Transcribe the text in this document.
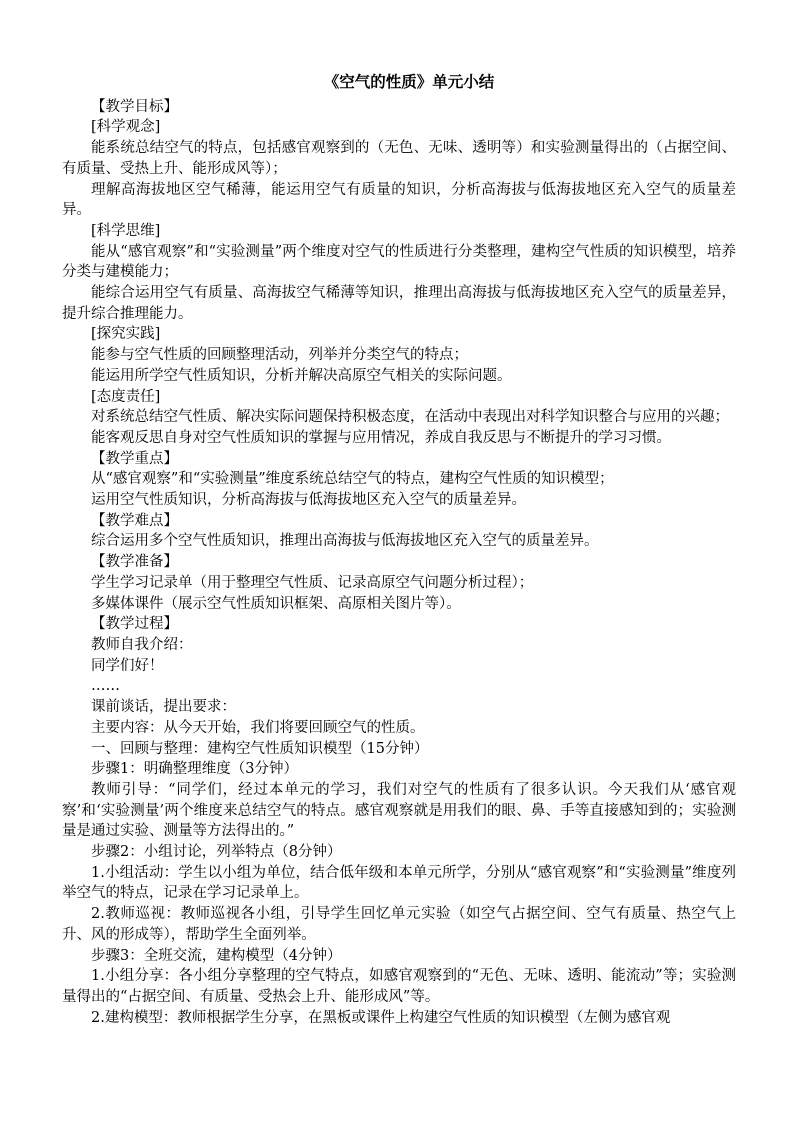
《空气的性质》单元小结

【教学目标】

[科学观念]

能系统总结空气的特点，包括感官观察到的（无色、无味、透明等）和实验测量得出的（占据空间、有质量、受热上升、能形成风等）；

理解高海拔地区空气稀薄，能运用空气有质量的知识，分析高海拔与低海拔地区充入空气的质量差异。

[科学思维]

能从“感官观察”和“实验测量”两个维度对空气的性质进行分类整理，建构空气性质的知识模型，培养分类与建模能力；

能综合运用空气有质量、高海拔空气稀薄等知识，推理出高海拔与低海拔地区充入空气的质量差异，提升综合推理能力。

[探究实践]

能参与空气性质的回顾整理活动，列举并分类空气的特点；

能运用所学空气性质知识，分析并解决高原空气相关的实际问题。

[态度责任]

对系统总结空气性质、解决实际问题保持积极态度，在活动中表现出对科学知识整合与应用的兴趣；

能客观反思自身对空气性质知识的掌握与应用情况，养成自我反思与不断提升的学习习惯。

【教学重点】

从“感官观察”和“实验测量”维度系统总结空气的特点，建构空气性质的知识模型；

运用空气性质知识，分析高海拔与低海拔地区充入空气的质量差异。

【教学难点】

综合运用多个空气性质知识，推理出高海拔与低海拔地区充入空气的质量差异。

【教学准备】

学生学习记录单（用于整理空气性质、记录高原空气问题分析过程）；

多媒体课件（展示空气性质知识框架、高原相关图片等）。

【教学过程】

教师自我介绍：

同学们好！

……

课前谈话，提出要求：

主要内容：从今天开始，我们将要回顾空气的性质。

一、回顾与整理：建构空气性质知识模型（15分钟）

步骤1：明确整理维度（3分钟）

教师引导：“同学们，经过本单元的学习，我们对空气的性质有了很多认识。今天我们从‘感官观察’和‘实验测量’两个维度来总结空气的特点。感官观察就是用我们的眼、鼻、手等直接感知到的；实验测量是通过实验、测量等方法得出的。”

步骤2：小组讨论，列举特点（8分钟）

1.小组活动：学生以小组为单位，结合低年级和本单元所学，分别从“感官观察”和“实验测量”维度列举空气的特点，记录在学习记录单上。

2.教师巡视：教师巡视各小组，引导学生回忆单元实验（如空气占据空间、空气有质量、热空气上升、风的形成等），帮助学生全面列举。

步骤3：全班交流，建构模型（4分钟）

1.小组分享：各小组分享整理的空气特点，如感官观察到的“无色、无味、透明、能流动”等；实验测量得出的“占据空间、有质量、受热会上升、能形成风”等。

2.建构模型：教师根据学生分享，在黑板或课件上构建空气性质的知识模型（左侧为感官观
